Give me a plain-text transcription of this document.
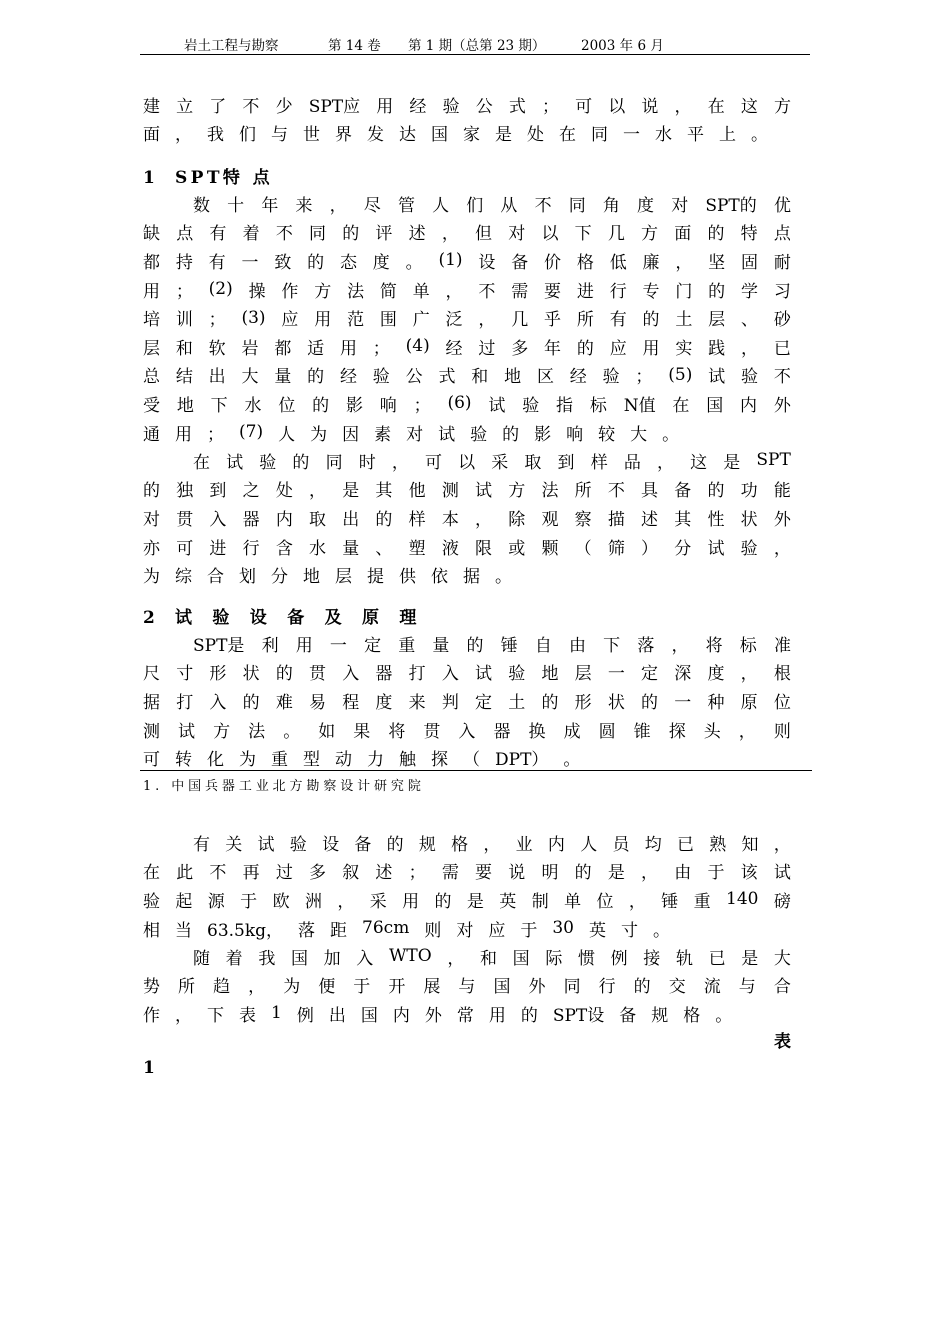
岩土工程与勘察	第 14 卷 第 1 期（总第 23 期）	2003 年 6 月
建 立 了 不 少 SPT应 用 经 验 公 式 ； 可 以 说 ， 在 这 方
面 ， 我 们 与 世 界 发 达 国 家 是 处 在 同 一 水 平 上 。
1 SPT特 点
数 十 年 来 ， 尽 管 人 们 从 不 同 角 度 对 SPT的 优
缺 点 有 着 不 同 的 评 述 ， 但 对 以 下 几 方 面 的 特 点
都 持 有 一 致 的 态 度 。 (1) 设 备 价 格 低 廉 ， 坚 固 耐
用 ； (2) 操 作 方 法 简 单 ， 不 需 要 进 行 专 门 的 学 习
培 训 ； (3) 应 用 范 围 广 泛 ， 几 乎 所 有 的 土 层 、 砂
层 和 软 岩 都 适 用 ； (4) 经 过 多 年 的 应 用 实 践 ， 已
总 结 出 大 量 的 经 验 公 式 和 地 区 经 验 ； (5) 试 验 不
受 地 下 水 位 的 影 响 ； (6) 试 验 指 标 N值 在 国 内 外
通 用 ； (7) 人 为 因 素 对 试 验 的 影 响 较 大 。
在 试 验 的 同 时 ， 可 以 采 取 到 样 品 ， 这 是 SPT
的 独 到 之 处 ， 是 其 他 测 试 方 法 所 不 具 备 的 功 能
对 贯 入 器 内 取 出 的 样 本 ， 除 观 察 描 述 其 性 状 外
亦 可 进 行 含 水 量 、 塑 液 限 或 颗 （ 筛 ） 分 试 验 ，
为 综 合 划 分 地 层 提 供 依 据 。
2 试验设备及原理
SPT是 利 用 一 定 重 量 的 锤 自 由 下 落 ， 将 标 准
尺 寸 形 状 的 贯 入 器 打 入 试 验 地 层 一 定 深 度 ， 根
据 打 入 的 难 易 程 度 来 判 定 土 的 形 状 的 一 种 原 位
测 试 方 法 。 如 果 将 贯 入 器 换 成 圆 锥 探 头 ， 则
可 转 化 为 重 型 动 力 触 探 （ DPT） 。
1. 中国兵器工业北方勘察设计研究院
有 关 试 验 设 备 的 规 格 ， 业 内 人 员 均 已 熟 知 ，
在 此 不 再 过 多 叙 述 ； 需 要 说 明 的 是 ， 由 于 该 试
验 起 源 于 欧 洲 ， 采 用 的 是 英 制 单 位 ， 锤 重 140 磅
相 当 63.5kg， 落 距 76cm 则 对 应 于 30 英 寸 。
随 着 我 国 加 入 WTO ， 和 国 际 惯 例 接 轨 已 是 大
势 所 趋 ， 为 便 于 开 展 与 国 外 同 行 的 交 流 与 合
作 ， 下 表 1 例 出 国 内 外 常 用 的 SPT设 备 规 格 。
表
1
